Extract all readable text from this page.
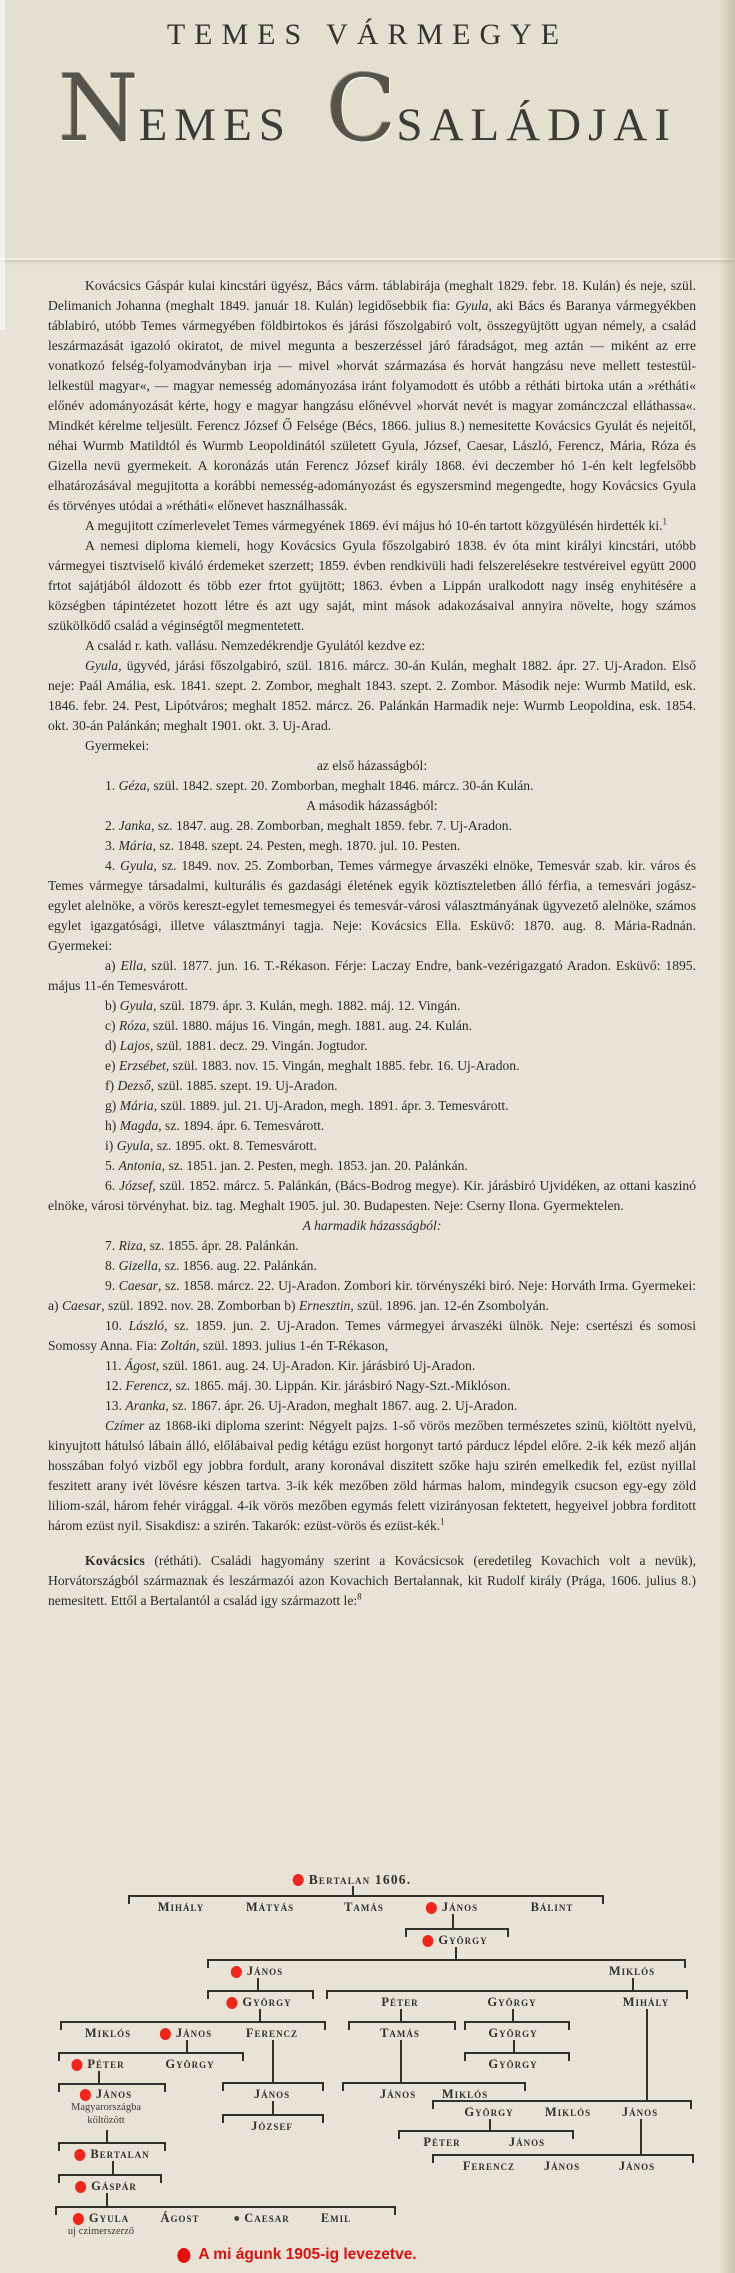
TEMES VÁRMEGYE
N EMES C SALÁDJAI

Kovácsics Gáspár kulai kincstári ügyész, Bács várm. táblabirája (meghalt 1829. febr. 18. Kulán) és neje, szül. Delimanich Johanna (meghalt 1849. január 18. Kulán) legidősebbik fia: Gyula, aki Bács és Baranya vármegyékben táblabiró, utóbb Temes vármegyében földbirtokos és járási főszolgabiró volt, összegyüjtött ugyan némely, a család leszármazását igazoló okiratot, de mivel megunta a beszerzéssel járó fáradságot, meg aztán — miként az erre vonatkozó felség-folyamodványban irja — mivel »horvát származása és horvát hangzásu neve mellett testestül-lelkestül magyar«, — magyar nemesség adományozása iránt folyamodott és utóbb a rétháti birtoka után a »rétháti« előnév adományozását kérte, hogy e magyar hangzásu előnévvel »horvát nevét is magyar zománczczal elláthassa«. Mindkét kérelme teljesült. Ferencz József Ő Felsége (Bécs, 1866. julius 8.) nemesitette Kovácsics Gyulát és nejeitől, néhai Wurmb Matildtól és Wurmb Leopoldinától született Gyula, József, Caesar, László, Ferencz, Mária, Róza és Gizella nevü gyermekeit. A koronázás után Ferencz József király 1868. évi deczember hó 1-én kelt legfelsőbb elhatározásával megujitotta a korábbi nemesség-adományozást és egyszersmind megengedte, hogy Kovácsics Gyula és törvényes utódai a »rétháti« előnevet használhassák.

A megujitott czímerlevelet Temes vármegyének 1869. évi május hó 10-én tartott közgyülésén hirdették ki.$^1$

A nemesi diploma kiemeli, hogy Kovácsics Gyula főszolgabiró 1838. év óta mint királyi kincstári, utóbb vármegyei tisztviselő kiváló érdemeket szerzett; 1859. évben rendkivüli hadi felszerelésekre testvéreivel együtt 2000 frtot sajátjából áldozott és több ezer frtot gyüjtött; 1863. évben a Lippán uralkodott nagy inség enyhitésére a községben tápintézetet hozott létre és azt ugy saját, mint mások adakozásaival annyira növelte, hogy számos szükölködő család a véginségtől megmentetett.

A család r. kath. vallásu. Nemzedékrendje Gyulától kezdve ez:

Gyula, ügyvéd, járási főszolgabiró, szül. 1816. márcz. 30-án Kulán, meghalt 1882. ápr. 27. Uj-Aradon. Első neje: Paál Amália, esk. 1841. szept. 2. Zombor, meghalt 1843. szept. 2. Zombor. Második neje: Wurmb Matild, esk. 1846. febr. 24. Pest, Lipótváros; meghalt 1852. márcz. 26. Palánkán Harmadik neje: Wurmb Leopoldina, esk. 1854. okt. 30-án Palánkán; meghalt 1901. okt. 3. Uj-Arad.

Gyermekei:

az első házasságból:

1. Géza, szül. 1842. szept. 20. Zomborban, meghalt 1846. márcz. 30-án Kulán.

A második házasságból:

2. Janka, sz. 1847. aug. 28. Zomborban, meghalt 1859. febr. 7. Uj-Aradon.

3. Mária, sz. 1848. szept. 24. Pesten, megh. 1870. jul. 10. Pesten.

4. Gyula, sz. 1849. nov. 25. Zomborban, Temes vármegye árvaszéki elnöke, Temesvár szab. kir. város és Temes vármegye társadalmi, kulturális és gazdasági életének egyik köztiszteletben álló férfia, a temesvári jogász-egylet alelnöke, a vörös kereszt-egylet temesmegyei és temesvár-városi választmányának ügyvezető alelnöke, számos egylet igazgatósági, illetve választmányi tagja. Neje: Kovácsics Ella. Esküvő: 1870. aug. 8. Mária-Radnán. Gyermekei:

a) Ella, szül. 1877. jun. 16. T.-Rékason. Férje: Laczay Endre, bank-vezérigazgató Aradon. Esküvő: 1895. május 11-én Temesvárott.

b) Gyula, szül. 1879. ápr. 3. Kulán, megh. 1882. máj. 12. Vingán.

c) Róza, szül. 1880. május 16. Vingán, megh. 1881. aug. 24. Kulán.

d) Lajos, szül. 1881. decz. 29. Vingán. Jogtudor.

e) Erzsébet, szül. 1883. nov. 15. Vingán, meghalt 1885. febr. 16. Uj-Aradon.

f) Dezső, szül. 1885. szept. 19. Uj-Aradon.

g) Mária, szül. 1889. jul. 21. Uj-Aradon, megh. 1891. ápr. 3. Temesvárott.

h) Magda, sz. 1894. ápr. 6. Temesvárott.

i) Gyula, sz. 1895. okt. 8. Temesvárott.

5. Antonia, sz. 1851. jan. 2. Pesten, megh. 1853. jan. 20. Palánkán.

6. József, szül. 1852. márcz. 5. Palánkán, (Bács-Bodrog megye). Kir. járásbiró Ujvidéken, az ottani kaszinó elnöke, városi törvényhat. biz. tag. Meghalt 1905. jul. 30. Budapesten. Neje: Cserny Ilona. Gyermektelen.

A harmadik házasságból:

7. Riza, sz. 1855. ápr. 28. Palánkán.

8. Gizella, sz. 1856. aug. 22. Palánkán.

9. Caesar, sz. 1858. márcz. 22. Uj-Aradon. Zombori kir. törvényszéki biró. Neje: Horváth Irma. Gyermekei: a) Caesar, szül. 1892. nov. 28. Zomborban b) Ernesztin, szül. 1896. jan. 12-én Zsombolyán.

10. László, sz. 1859. jun. 2. Uj-Aradon. Temes vármegyei árvaszéki ülnök. Neje: csertészi és somosi Somossy Anna. Fia: Zoltán, szül. 1893. julius 1-én T-Rékason,

11. Ágost, szül. 1861. aug. 24. Uj-Aradon. Kir. járásbiró Uj-Aradon.

12. Ferencz, sz. 1865. máj. 30. Lippán. Kir. járásbiró Nagy-Szt.-Miklóson.

13. Aranka, sz. 1867. ápr. 26. Uj-Aradon, meghalt 1867. aug. 2. Uj-Aradon.

Czímer az 1868-iki diploma szerint: Négyelt pajzs. 1-ső vörös mezőben természetes szinü, kiöltött nyelvü, kinyujtott hátulsó lábain álló, előlábaival pedig kétágu ezüst horgonyt tartó párducz lépdel előre. 2-ik kék mező alján hosszában folyó vizből egy jobbra fordult, arany koronával diszitett szőke haju szirén emelkedik fel, ezüst nyillal feszitett arany ivét lövésre készen tartva. 3-ik kék mezőben zöld hármas halom, mindegyik csucson egy-egy zöld liliom-szál, három fehér virággal. 4-ik vörös mezőben egymás felett vizirányosan fektetett, hegyeivel jobbra forditott három ezüst nyil. Sisakdisz: a szirén. Takarók: ezüst-vörös és ezüst-kék.$^1$

Kovácsics (rétháti). Családi hagyomány szerint a Kovácsicsok (eredetileg Kovachich volt a nevük), Horvátországból származnak és leszármazói azon Kovachich Bertalannak, kit Rudolf király (Prága, 1606. julius 8.) nemesitett. Ettől a Bertalantól a család igy származott le:$^8$

Bertalan 1606.
Mihály	Mátyás	Tamás	János	Bálint
György
János	Miklós
György	Péter	György	Mihály
Miklós	János	Ferencz	Tamás	György
Péter	György	György
János
Magyarországba
költözött
János	János Miklós
György Miklós János
József
Péter	János
Bertalan
Ferencz János	János
Gáspár
Gyula
uj czimerszerző
Ágost	Caesar Emil
A mi águnk 1905-ig levezetve.
